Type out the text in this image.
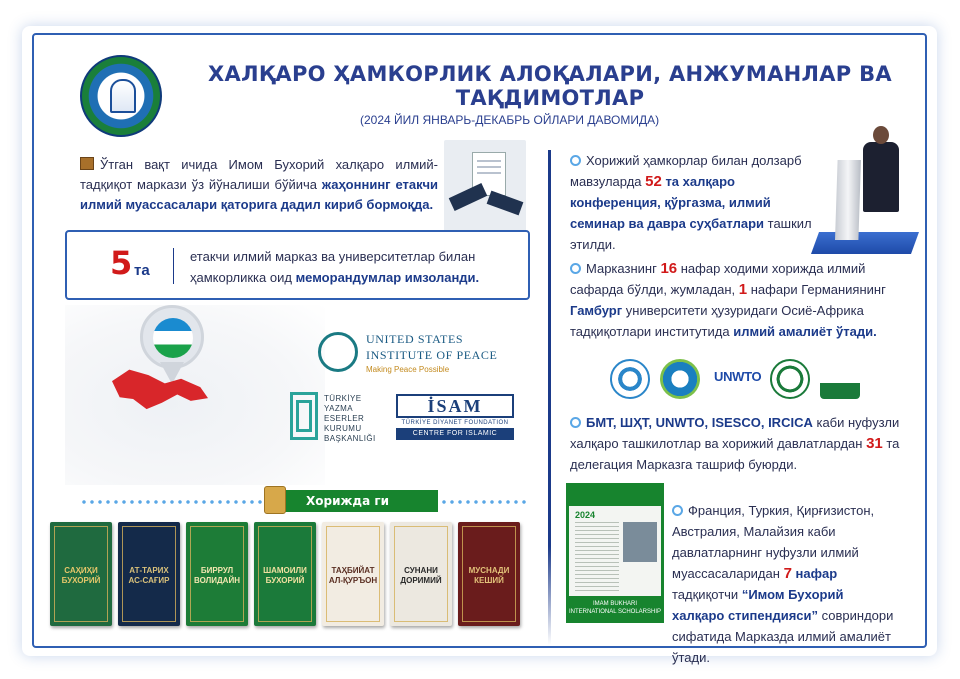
ХАЛҚАРО ҲАМКОРЛИК АЛОҚАЛАРИ, АНЖУМАНЛАР ВА ТАҚДИМОТЛАР
(2024 ЙИЛ ЯНВАРЬ-ДЕКАБРЬ ОЙЛАРИ ДАВОМИДА)
Ўтган вақт ичида Имом Бухорий халқаро илмий-тадқиқот маркази ўз йўналиши бўйича жаҳоннинг етакчи илмий муассасалари қаторига дадил кириб бормоқда.
5 та
етакчи илмий марказ ва университетлар билан ҳамкорликка оид меморандумлар имзоланди.
UNITED STATES
INSTITUTE OF PEACE
Making Peace Possible
TÜRKİYE
YAZMA
ESERLER
KURUMU
BAŞKANLIĞI
İSAM
TÜRKİYE DİYANET FOUNDATION
CENTRE FOR ISLAMIC STUDIES
Хорижда ги
САҲИҲИ БУХОРИЙ
АТ-ТАРИХ АС-САҒИР
БИРРУЛ ВОЛИДАЙН
ШАМОИЛИ БУХОРИЙ
ТАҲБИЙАТ АЛ-ҚУРЪОН
СУНАНИ ДОРИМИЙ
МУСНАДИ КЕШИЙ
Хорижий ҳамкорлар билан долзарб мавзуларда 52 та халқаро конференция, қўргазма, илмий семинар ва давра суҳбатлари ташкил этилди.
Марказнинг 16 нафар ходими хорижда илмий сафарда бўлди, жумладан, 1 нафари Германиянинг Гамбург университети ҳузуридаги Осиё-Африка тадқиқотлари институтида илмий амалиёт ўтади.
UNWTO
БМТ, ШҲТ, UNWTO, ISESCO, IRCICA каби нуфузли халқаро ташкилотлар ва хорижий давлатлардан 31 та делегация Марказга ташриф буюрди.
2024
IMAM BUKHARI INTERNATIONAL SCHOLARSHIP
Франция, Туркия, Қирғизистон, Австралия, Малайзия каби давлатларнинг нуфузли илмий муассасаларидан 7 нафар тадқиқотчи “Имом Бухорий халқаро стипендияси” совриндори сифатида Марказда илмий амалиёт ўтади.
